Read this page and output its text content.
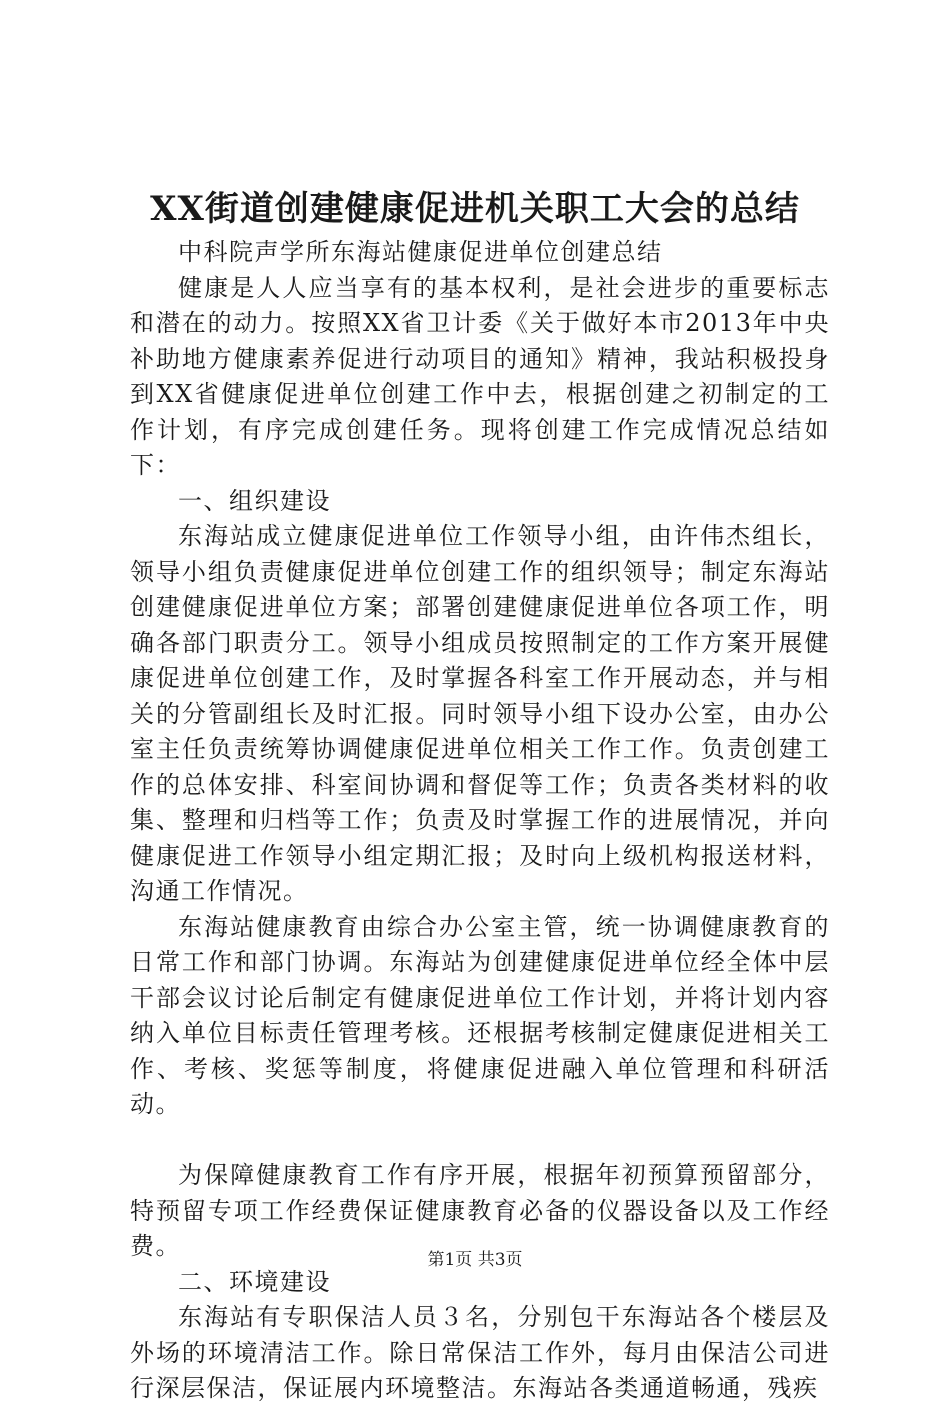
XX街道创建健康促进机关职工大会的总结

中科院声学所东海站健康促进单位创建总结

健康是人人应当享有的基本权利，是社会进步的重要标志和潜在的动力。按照XX省卫计委《关于做好本市2013年中央补助地方健康素养促进行动项目的通知》精神，我站积极投身到XX省健康促进单位创建工作中去，根据创建之初制定的工作计划，有序完成创建任务。现将创建工作完成情况总结如下：

一、组织建设

东海站成立健康促进单位工作领导小组，由许伟杰组长，领导小组负责健康促进单位创建工作的组织领导；制定东海站创建健康促进单位方案；部署创建健康促进单位各项工作，明确各部门职责分工。领导小组成员按照制定的工作方案开展健康促进单位创建工作，及时掌握各科室工作开展动态，并与相关的分管副组长及时汇报。同时领导小组下设办公室，由办公室主任负责统筹协调健康促进单位相关工作工作。负责创建工作的总体安排、科室间协调和督促等工作；负责各类材料的收集、整理和归档等工作；负责及时掌握工作的进展情况，并向健康促进工作领导小组定期汇报；及时向上级机构报送材料，沟通工作情况。

东海站健康教育由综合办公室主管，统一协调健康教育的日常工作和部门协调。东海站为创建健康促进单位经全体中层干部会议讨论后制定有健康促进单位工作计划，并将计划内容纳入单位目标责任管理考核。还根据考核制定健康促进相关工作、考核、奖惩等制度，将健康促进融入单位管理和科研活动。

为保障健康教育工作有序开展，根据年初预算预留部分，特预留专项工作经费保证健康教育必备的仪器设备以及工作经费。

二、环境建设

东海站有专职保洁人员３名，分别包干东海站各个楼层及外场的环境清洁工作。除日常保洁工作外，每月由保洁公司进行深层保洁，保证展内环境整洁。东海站各类通道畅通，残疾

第1页 共3页
